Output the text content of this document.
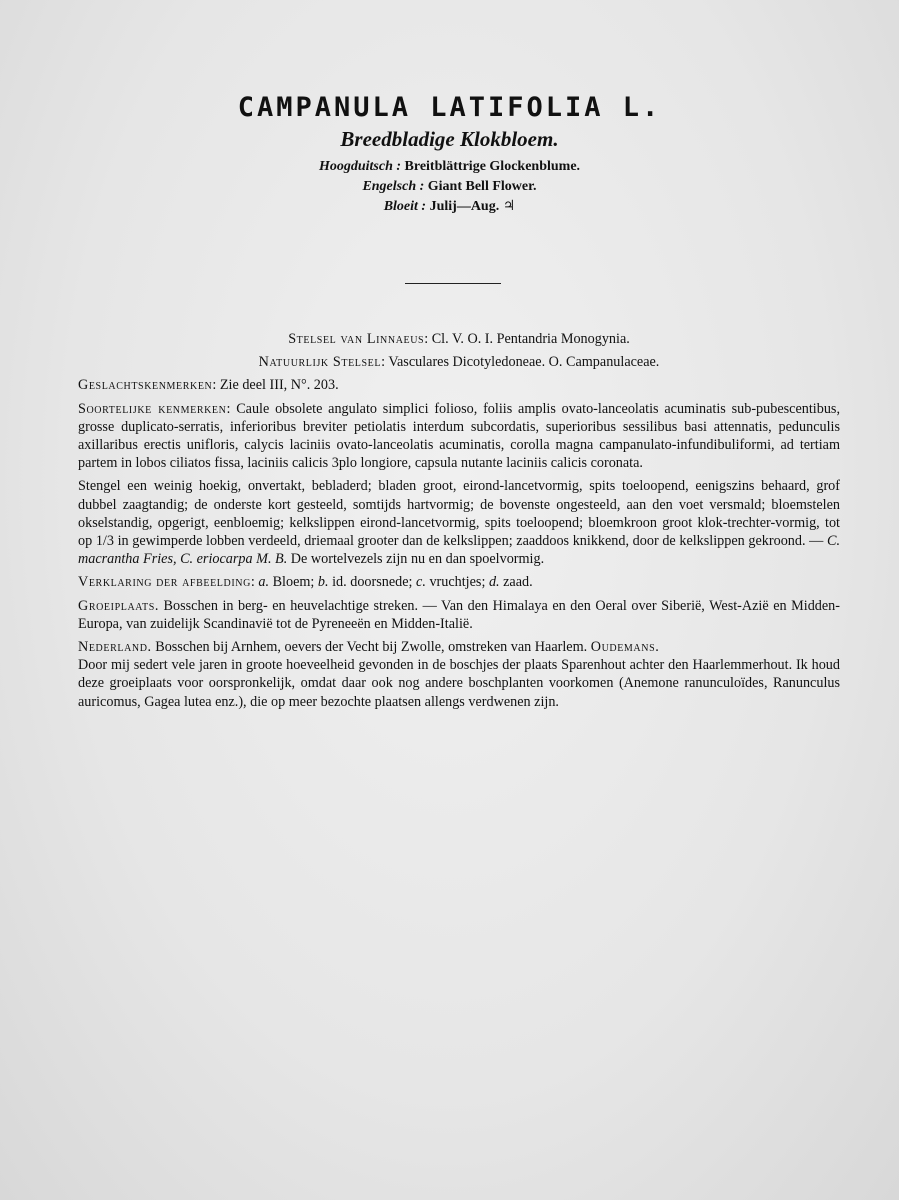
CAMPANULA LATIFOLIA L.
Breedbladige Klokbloem.
Hoogduitsch : Breitblättrige Glockenblume.
Engelsch : Giant Bell Flower.
Bloeit : Julij—Aug. ♃

Stelsel van Linnaeus: Cl. V. O. I. Pentandria Monogynia.

Natuurlijk Stelsel: Vasculares Dicotyledoneae. O. Campanulaceae.

Geslachtskenmerken: Zie deel III, N°. 203.

Soortelijke kenmerken: Caule obsolete angulato simplici folioso, foliis amplis ovato-lanceolatis acuminatis sub-pubescentibus, grosse duplicato-serratis, inferioribus breviter petiolatis interdum subcordatis, superioribus sessilibus basi attennatis, pedunculis axillaribus erectis unifloris, calycis laciniis ovato-lanceolatis acuminatis, corolla magna campanulato-infundibuliformi, ad tertiam partem in lobos ciliatos fissa, laciniis calicis 3plo longiore, capsula nutante laciniis calicis coronata.

Stengel een weinig hoekig, onvertakt, bebladerd; bladen groot, eirond-lancetvormig, spits toeloopend, eenigszins behaard, grof dubbel zaagtandig; de onderste kort gesteeld, somtijds hartvormig; de bovenste ongesteeld, aan den voet versmald; bloemstelen okselstandig, opgerigt, eenbloemig; kelkslippen eirond-lancetvormig, spits toeloopend; bloemkroon groot klok-trechter-vormig, tot op 1/3 in gewimperde lobben verdeeld, driemaal grooter dan de kelkslippen; zaaddoos knikkend, door de kelkslippen gekroond. — C. macrantha Fries, C. eriocarpa M. B. De wortelvezels zijn nu en dan spoelvormig.

Verklaring der afbeelding: a. Bloem; b. id. doorsnede; c. vruchtjes; d. zaad.

Groeiplaats. Bosschen in berg- en heuvelachtige streken. — Van den Himalaya en den Oeral over Siberië, West-Azië en Midden-Europa, van zuidelijk Scandinavië tot de Pyreneeën en Midden-Italië.

Nederland. Bosschen bij Arnhem, oevers der Vecht bij Zwolle, omstreken van Haarlem. Oudemans.

Door mij sedert vele jaren in groote hoeveelheid gevonden in de boschjes der plaats Sparenhout achter den Haarlemmerhout. Ik houd deze groeiplaats voor oorspronkelijk, omdat daar ook nog andere boschplanten voorkomen (Anemone ranunculoïdes, Ranunculus auricomus, Gagea lutea enz.), die op meer bezochte plaatsen allengs verdwenen zijn.
